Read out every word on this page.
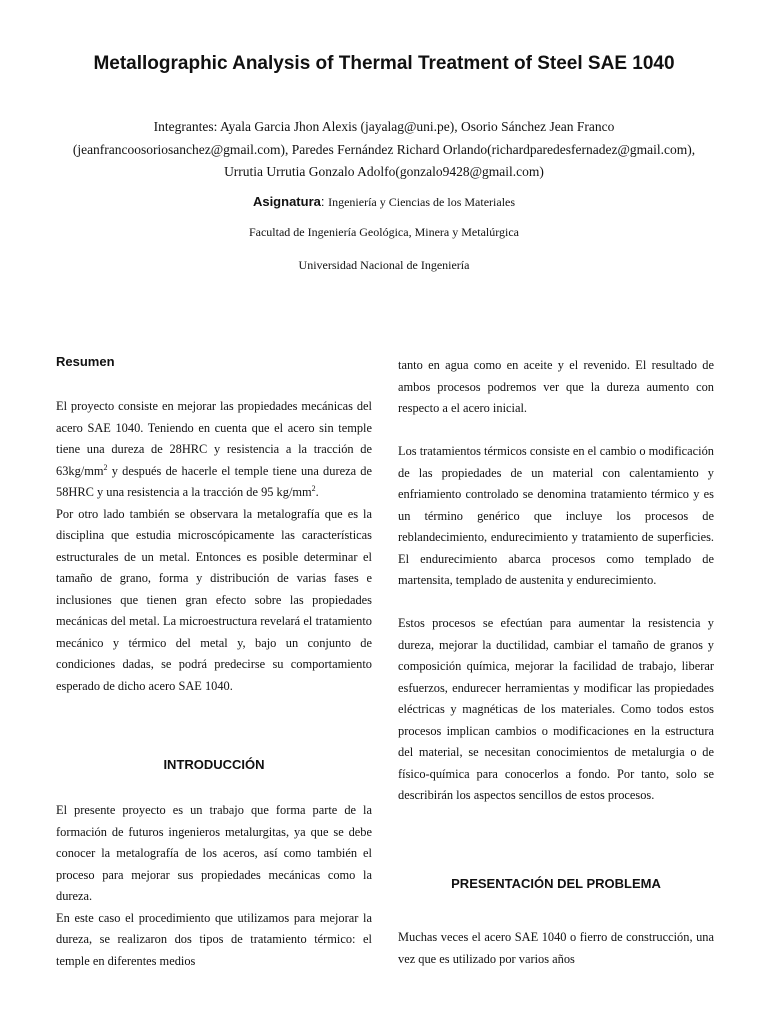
Metallographic Analysis of Thermal Treatment of Steel SAE 1040
Integrantes: Ayala Garcia Jhon Alexis (jayalag@uni.pe), Osorio Sánchez Jean Franco
(jeanfrancoosoriosanchez@gmail.com), Paredes Fernández Richard Orlando(richardparedesfernadez@gmail.com),
Urrutia Urrutia Gonzalo Adolfo(gonzalo9428@gmail.com)
Asignatura: Ingeniería y Ciencias de los Materiales
Facultad de Ingeniería Geológica, Minera y Metalúrgica
Universidad Nacional de Ingeniería
Resumen

El proyecto consiste en mejorar las propiedades mecánicas del acero SAE 1040. Teniendo en cuenta que el acero sin temple tiene una dureza de 28HRC y resistencia a la tracción de $63kg/mm^2$ y después de hacerle el temple tiene una dureza de 58HRC y una resistencia a la tracción de 95 $kg/mm^2$.

Por otro lado también se observara la metalografía que es la disciplina que estudia microscópicamente las características estructurales de un metal. Entonces es posible determinar el tamaño de grano, forma y distribución de varias fases e inclusiones que tienen gran efecto sobre las propiedades mecánicas del metal. La microestructura revelará el tratamiento mecánico y térmico del metal y, bajo un conjunto de condiciones dadas, se podrá predecirse su comportamiento esperado de dicho acero SAE 1040.

INTRODUCCIÓN

El presente proyecto es un trabajo que forma parte de la formación de futuros ingenieros metalurgitas, ya que se debe conocer la metalografía de los aceros, así como también el proceso para mejorar sus propiedades mecánicas como la dureza.

En este caso el procedimiento que utilizamos para mejorar la dureza, se realizaron dos tipos de tratamiento térmico: el temple en diferentes medios

tanto en agua como en aceite y el revenido. El resultado de ambos procesos podremos ver que la dureza aumento con respecto a el acero inicial.

Los tratamientos térmicos consiste en el cambio o modificación de las propiedades de un material con calentamiento y enfriamiento controlado se denomina tratamiento térmico y es un término genérico que incluye los procesos de reblandecimiento, endurecimiento y tratamiento de superficies. El endurecimiento abarca procesos como templado de martensita, templado de austenita y endurecimiento.

Estos procesos se efectúan para aumentar la resistencia y dureza, mejorar la ductilidad, cambiar el tamaño de granos y composición química, mejorar la facilidad de trabajo, liberar esfuerzos, endurecer herramientas y modificar las propiedades eléctricas y magnéticas de los materiales. Como todos estos procesos implican cambios o modificaciones en la estructura del material, se necesitan conocimientos de metalurgia o de físico-química para conocerlos a fondo. Por tanto, solo se describirán los aspectos sencillos de estos procesos.

PRESENTACIÓN DEL PROBLEMA

Muchas veces el acero SAE 1040 o fierro de construcción, una vez que es utilizado por varios años
